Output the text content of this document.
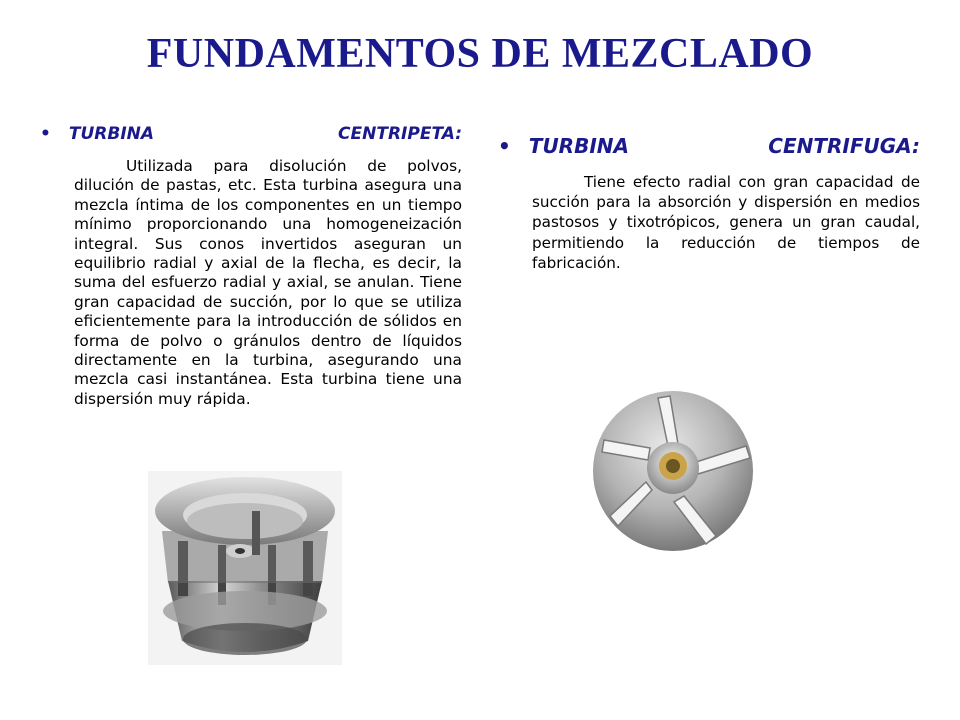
FUNDAMENTOS DE MEZCLADO
• TURBINA	CENTRIPETA:
Utilizada para disolución de polvos, dilución de pastas, etc. Esta turbina asegura una mezcla íntima de los componentes en un tiempo mínimo proporcionando una homogeneización integral. Sus conos invertidos aseguran un equilibrio radial y axial de la flecha, es decir, la suma del esfuerzo radial y axial, se anulan. Tiene gran capacidad de succión, por lo que se utiliza eficientemente para la introducción de sólidos en forma de polvo o gránulos dentro de líquidos directamente en la turbina, asegurando una mezcla casi instantánea. Esta turbina tiene una dispersión muy rápida.
• TURBINA	CENTRIFUGA:
Tiene efecto radial con gran capacidad de succión para la absorción y dispersión en medios pastosos y tixotrópicos, genera un gran caudal, permitiendo la reducción de tiempos de fabricación.
